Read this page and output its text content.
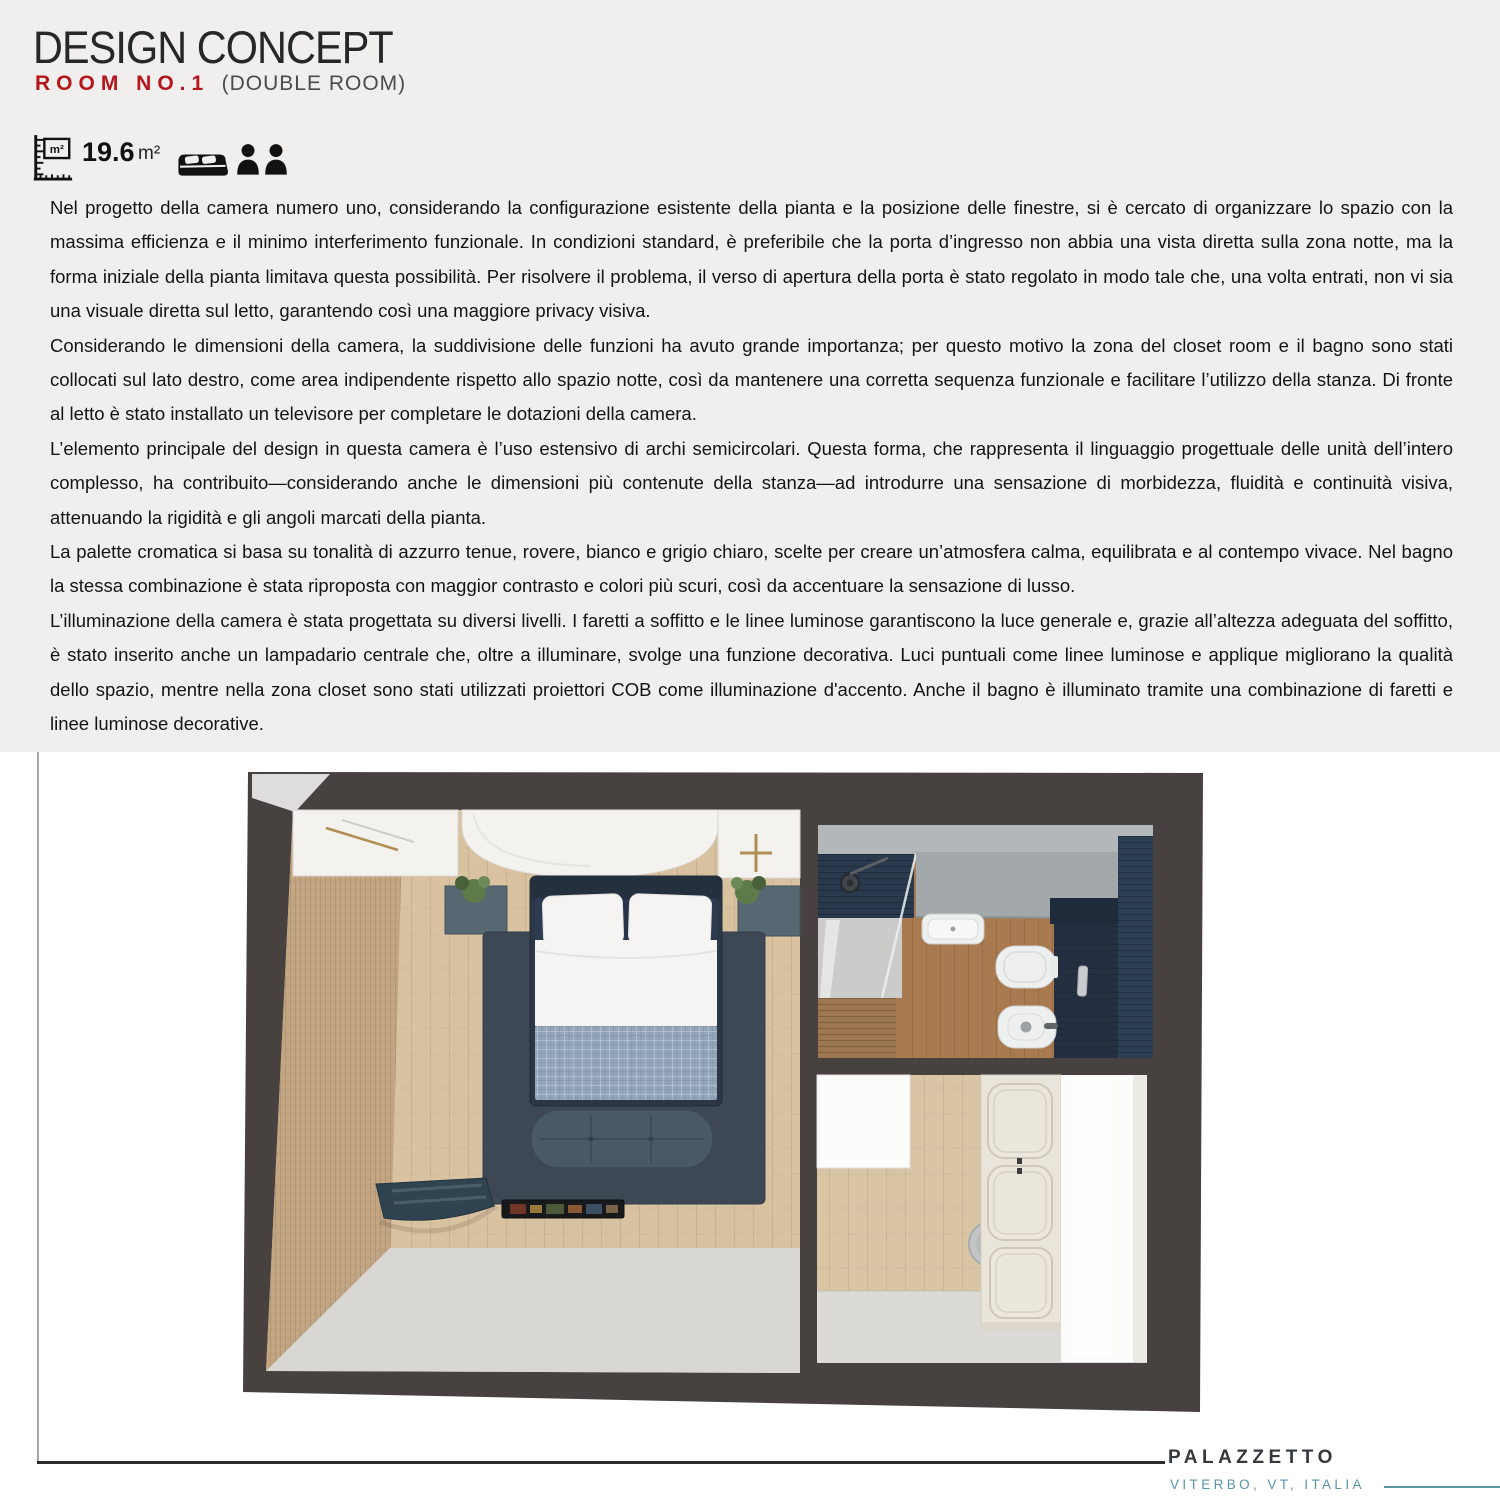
DESIGN CONCEPT
ROOM NO.1 (DOUBLE ROOM)
m² 19.6 m²

Nel progetto della camera numero uno, considerando la configurazione esistente della pianta e la posizione delle finestre, si è cercato di organizzare lo spazio con la massima efficienza e il minimo interferimento funzionale. In condizioni standard, è preferibile che la porta d’ingresso non abbia una vista diretta sulla zona notte, ma la forma iniziale della pianta limitava questa possibilità. Per risolvere il problema, il verso di apertura della porta è stato regolato in modo tale che, una volta entrati, non vi sia una visuale diretta sul letto, garantendo così una maggiore privacy visiva.

Considerando le dimensioni della camera, la suddivisione delle funzioni ha avuto grande importanza; per questo motivo la zona del closet room e il bagno sono stati collocati sul lato destro, come area indipendente rispetto allo spazio notte, così da mantenere una corretta sequenza funzionale e facilitare l’utilizzo della stanza. Di fronte al letto è stato installato un televisore per completare le dotazioni della camera.

L’elemento principale del design in questa camera è l’uso estensivo di archi semicircolari. Questa forma, che rappresenta il linguaggio progettuale delle unità dell’intero complesso, ha contribuito—considerando anche le dimensioni più contenute della stanza—ad introdurre una sensazione di morbidezza, fluidità e continuità visiva, attenuando la rigidità e gli angoli marcati della pianta.

La palette cromatica si basa su tonalità di azzurro tenue, rovere, bianco e grigio chiaro, scelte per creare un’atmosfera calma, equilibrata e al contempo vivace. Nel bagno la stessa combinazione è stata riproposta con maggior contrasto e colori più scuri, così da accentuare la sensazione di lusso.

L’illuminazione della camera è stata progettata su diversi livelli. I faretti a soffitto e le linee luminose garantiscono la luce generale e, grazie all’altezza adeguata del soffitto, è stato inserito anche un lampadario centrale che, oltre a illuminare, svolge una funzione decorativa. Luci puntuali come linee luminose e applique migliorano la qualità dello spazio, mentre nella zona closet sono stati utilizzati proiettori COB come illuminazione d'accento. Anche il bagno è illuminato tramite una combinazione di faretti e linee luminose decorative.

PALAZZETTO
VITERBO, VT, ITALIA
